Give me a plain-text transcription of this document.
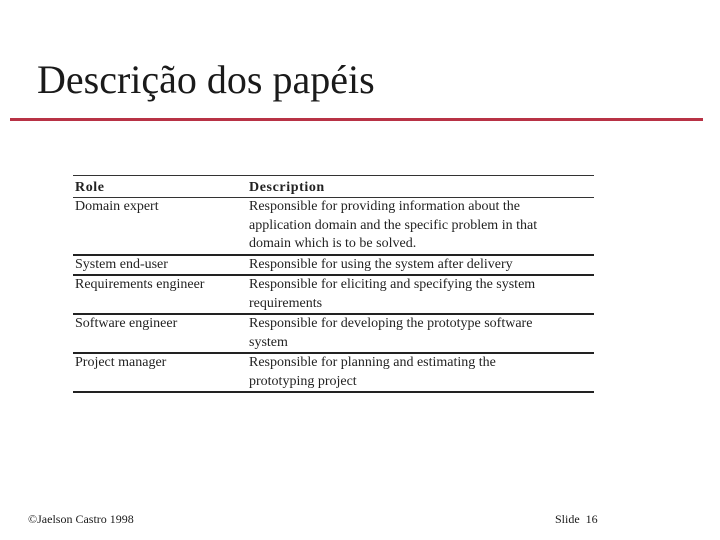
Descrição dos papéis
Role	Description
Domain expert	Responsible for providing information about the
application domain and the specific problem in that
domain which is to be solved.
System end-user	Responsible for using the system after delivery
Requirements engineer	Responsible for eliciting and specifying the system
requirements
Software engineer	Responsible for developing the prototype software
system
Project manager	Responsible for planning and estimating the
prototyping project
©Jaelson Castro 1998	Slide 16
